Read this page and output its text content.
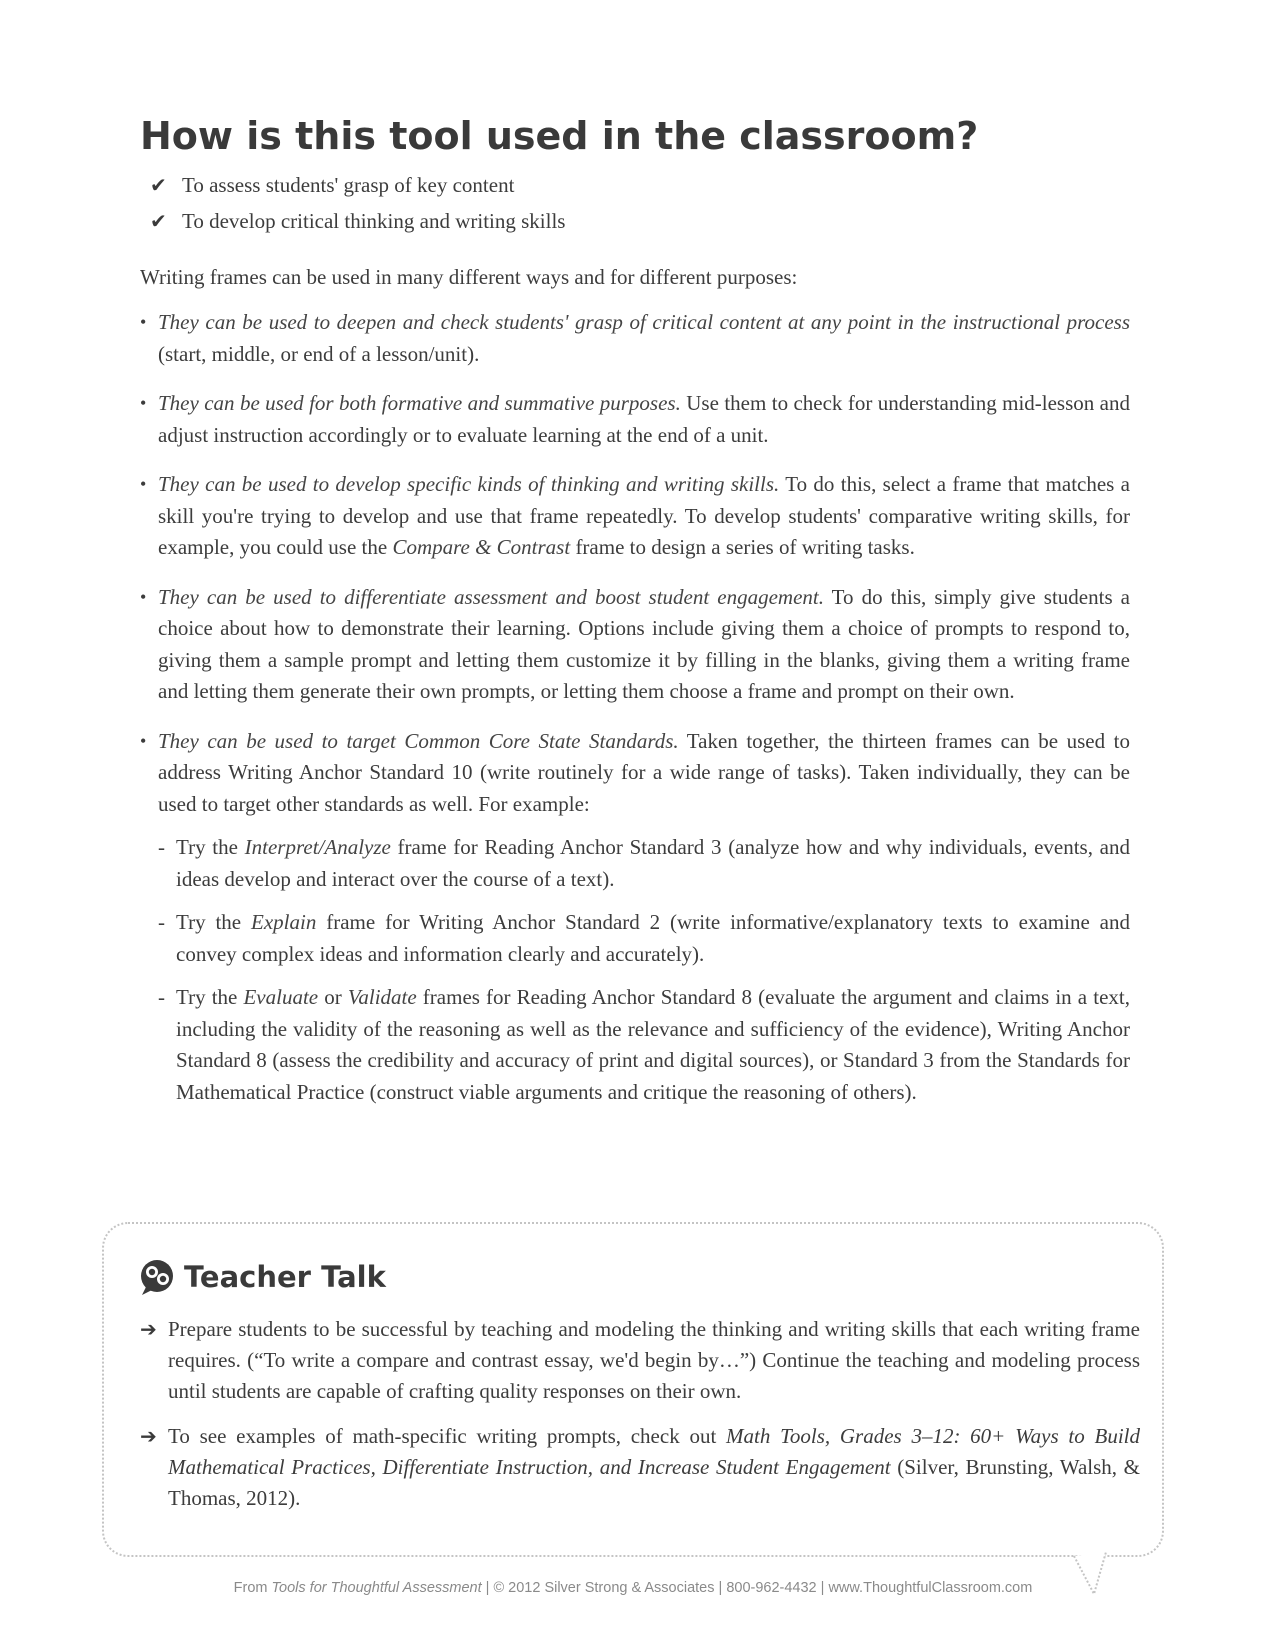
How is this tool used in the classroom?
✔ To assess students' grasp of key content
✔ To develop critical thinking and writing skills

Writing frames can be used in many different ways and for different purposes:

• They can be used to deepen and check students' grasp of critical content at any point in the instructional process (start, middle, or end of a lesson/unit).
• They can be used for both formative and summative purposes. Use them to check for understanding mid-lesson and adjust instruction accordingly or to evaluate learning at the end of a unit.
• They can be used to develop specific kinds of thinking and writing skills. To do this, select a frame that matches a skill you're trying to develop and use that frame repeatedly. To develop students' comparative writing skills, for example, you could use the Compare & Contrast frame to design a series of writing tasks.
• They can be used to differentiate assessment and boost student engagement. To do this, simply give students a choice about how to demonstrate their learning. Options include giving them a choice of prompts to respond to, giving them a sample prompt and letting them customize it by filling in the blanks, giving them a writing frame and letting them generate their own prompts, or letting them choose a frame and prompt on their own.
• They can be used to target Common Core State Standards. Taken together, the thirteen frames can be used to address Writing Anchor Standard 10 (write routinely for a wide range of tasks). Taken individually, they can be used to target other standards as well. For example:
- Try the Interpret/Analyze frame for Reading Anchor Standard 3 (analyze how and why individuals, events, and ideas develop and interact over the course of a text).
- Try the Explain frame for Writing Anchor Standard 2 (write informative/explanatory texts to examine and convey complex ideas and information clearly and accurately).
- Try the Evaluate or Validate frames for Reading Anchor Standard 8 (evaluate the argument and claims in a text, including the validity of the reasoning as well as the relevance and sufficiency of the evidence), Writing Anchor Standard 8 (assess the credibility and accuracy of print and digital sources), or Standard 3 from the Standards for Mathematical Practice (construct viable arguments and critique the reasoning of others).
Teacher Talk
➔ Prepare students to be successful by teaching and modeling the thinking and writing skills that each writing frame requires. (“To write a compare and contrast essay, we'd begin by…”) Continue the teaching and modeling process until students are capable of crafting quality responses on their own.
➔ To see examples of math-specific writing prompts, check out Math Tools, Grades 3–12: 60+ Ways to Build Mathematical Practices, Differentiate Instruction, and Increase Student Engagement (Silver, Brunsting, Walsh, & Thomas, 2012).
From Tools for Thoughtful Assessment | © 2012 Silver Strong & Associates | 800-962-4432 | www.ThoughtfulClassroom.com
